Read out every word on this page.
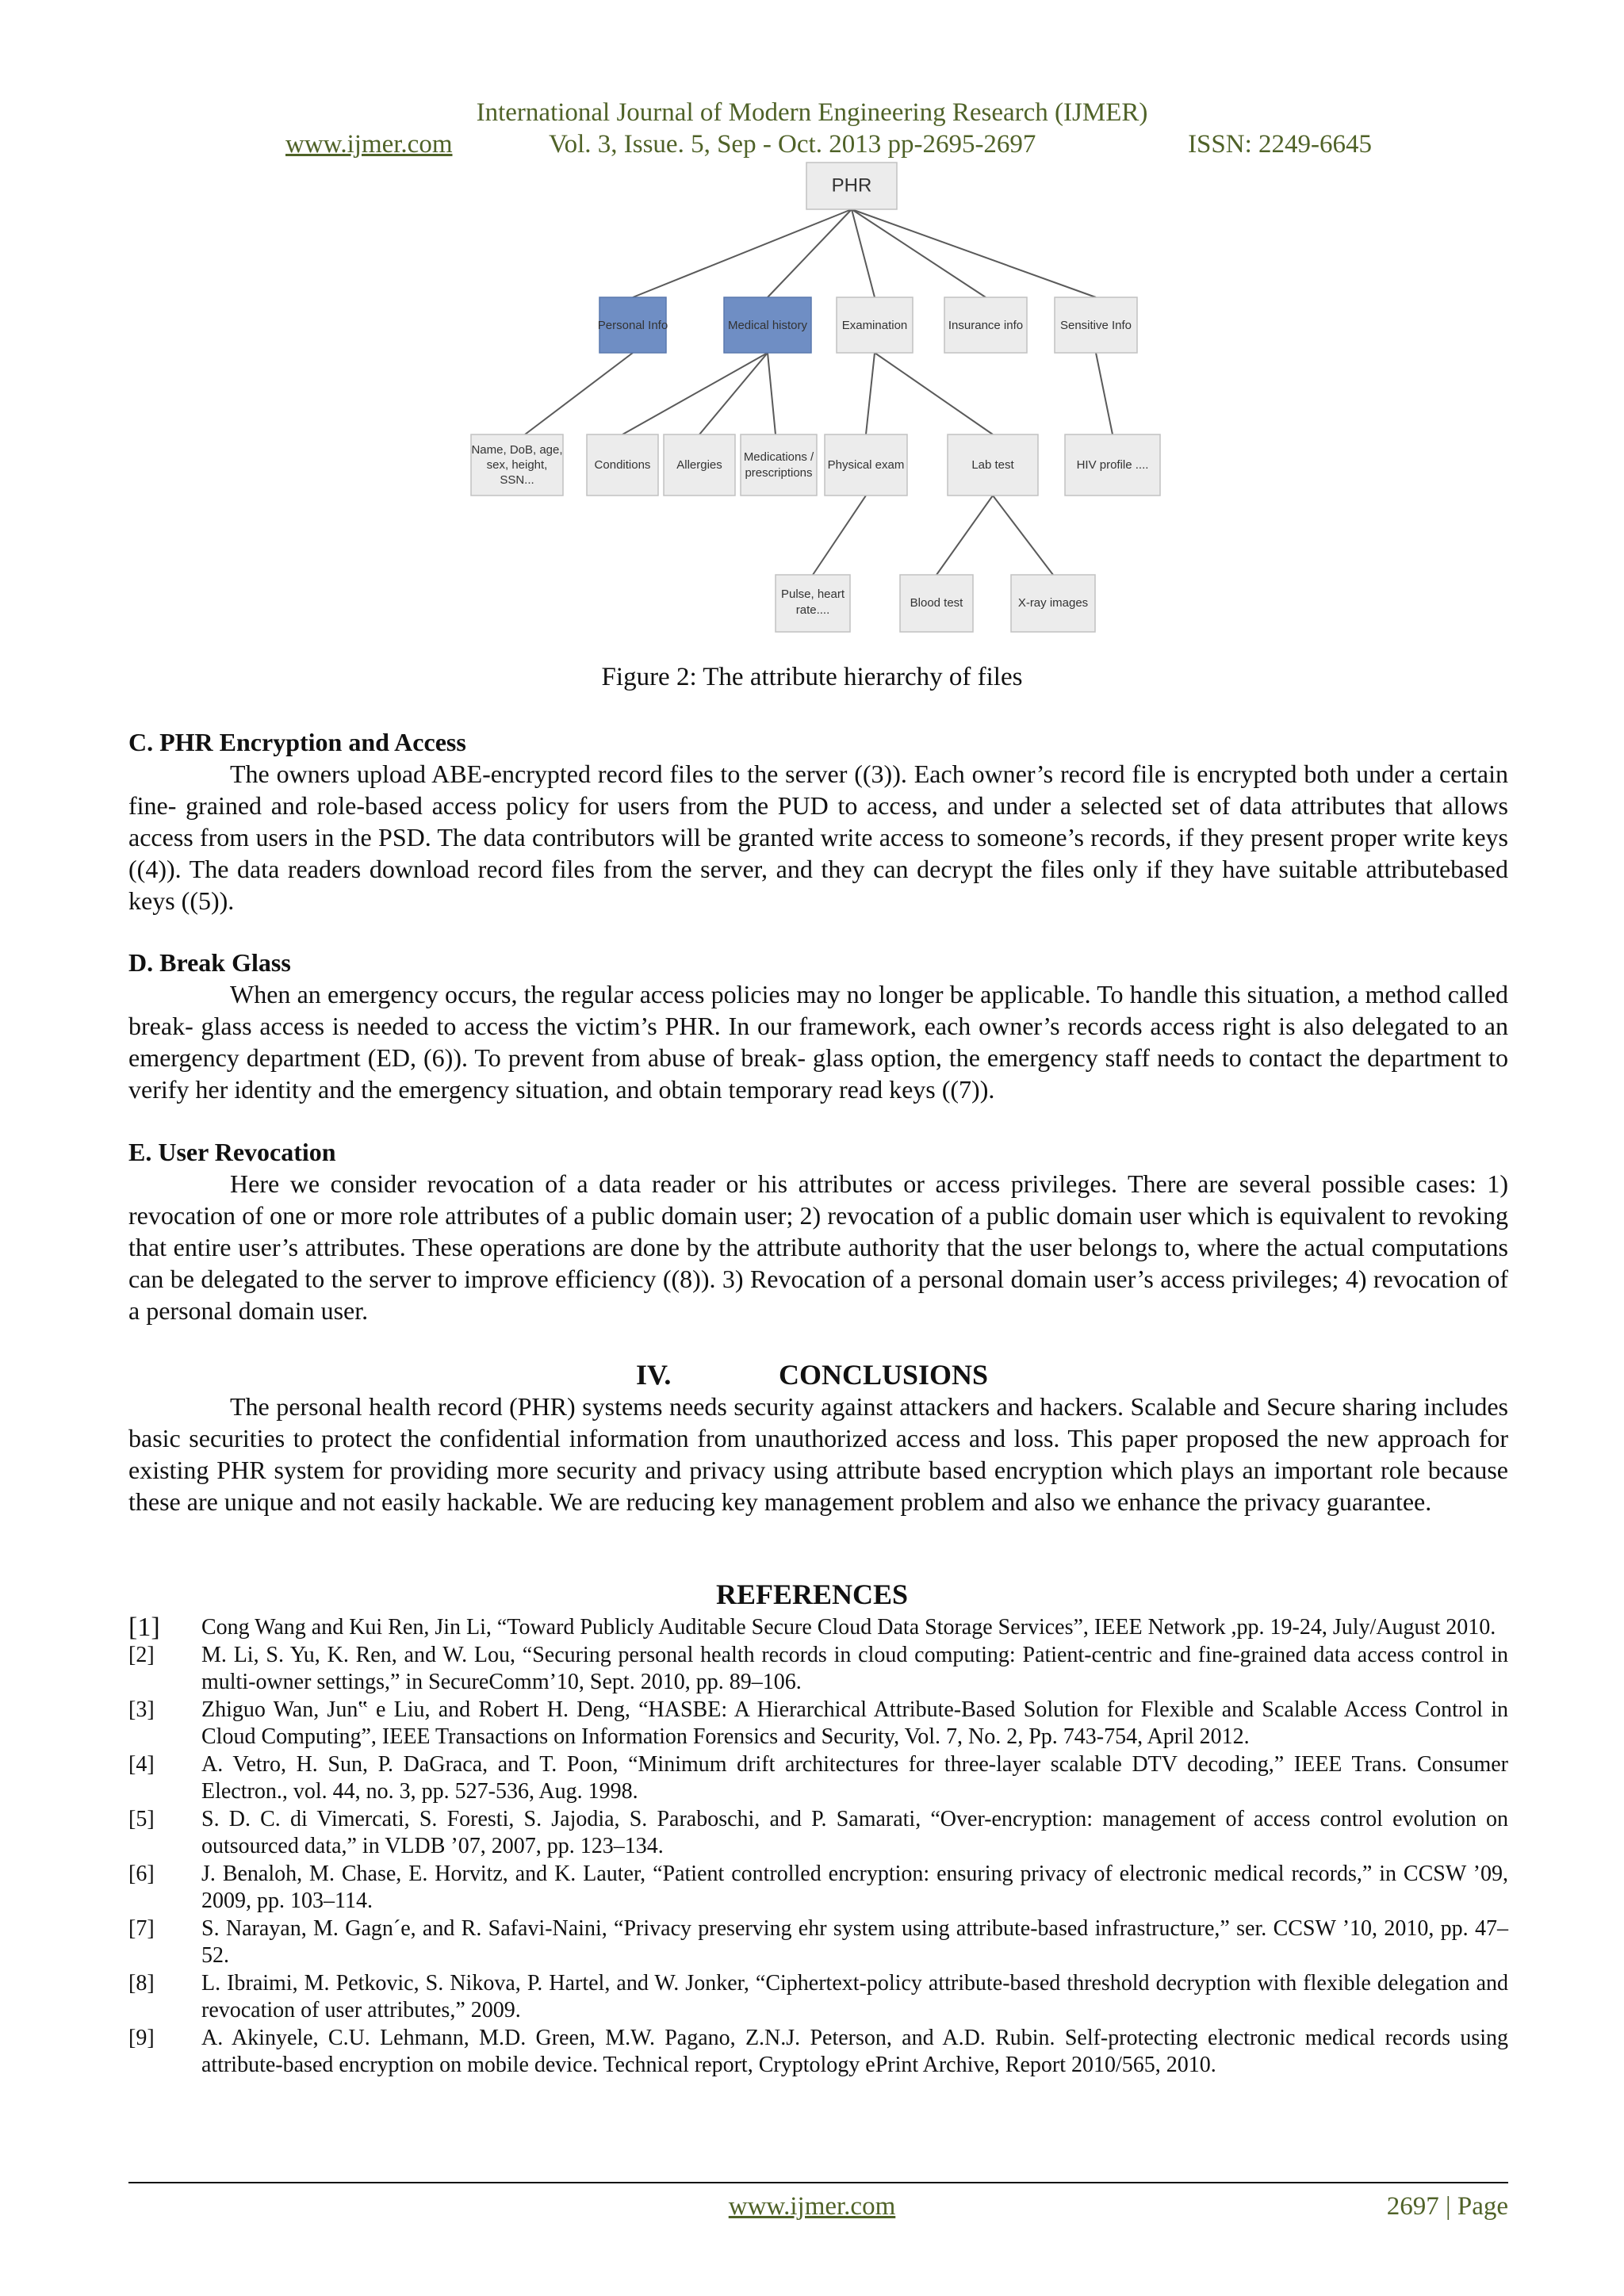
International Journal of Modern Engineering Research (IJMER)
www.ijmer.com	Vol. 3, Issue. 5, Sep - Oct. 2013 pp-2695-2697	ISSN: 2249-6645
PHR
Personal Info	Medical history	Examination	Insurance info	Sensitive Info
Name, DoB, age,
sex, height,
SSN...
Conditions Allergies
Medications /
prescriptions
Physical exam	Lab test	HIV profile ....
Pulse, heart
rate....
Blood test	X-ray images
Figure 2: The attribute hierarchy of files
C. PHR Encryption and Access

The owners upload ABE-encrypted record files to the server ((3)). Each owner’s record file is encrypted both under a certain fine- grained and role-based access policy for users from the PUD to access, and under a selected set of data attributes that allows access from users in the PSD. The data contributors will be granted write access to someone’s records, if they present proper write keys ((4)). The data readers download record files from the server, and they can decrypt the files only if they have suitable attributebased keys ((5)).

D. Break Glass

When an emergency occurs, the regular access policies may no longer be applicable. To handle this situation, a method called break- glass access is needed to access the victim’s PHR. In our framework, each owner’s records access right is also delegated to an emergency department (ED, (6)). To prevent from abuse of break- glass option, the emergency staff needs to contact the department to verify her identity and the emergency situation, and obtain temporary read keys ((7)).

E. User Revocation

Here we consider revocation of a data reader or his attributes or access privileges. There are several possible cases: 1) revocation of one or more role attributes of a public domain user; 2) revocation of a public domain user which is equivalent to revoking that entire user’s attributes. These operations are done by the attribute authority that the user belongs to, where the actual computations can be delegated to the server to improve efficiency ((8)). 3) Revocation of a personal domain user’s access privileges; 4) revocation of a personal domain user.

IV.	CONCLUSIONS

The personal health record (PHR) systems needs security against attackers and hackers. Scalable and Secure sharing includes basic securities to protect the confidential information from unauthorized access and loss. This paper proposed the new approach for existing PHR system for providing more security and privacy using attribute based encryption which plays an important role because these are unique and not easily hackable. We are reducing key management problem and also we enhance the privacy guarantee.

REFERENCES
[1]	Cong Wang and Kui Ren, Jin Li, “Toward Publicly Auditable Secure Cloud Data Storage Services”, IEEE Network ,pp. 19-24, July/August 2010.
[2]	M. Li, S. Yu, K. Ren, and W. Lou, “Securing personal health records in cloud computing: Patient-centric and fine-grained data access control in multi-owner settings,” in SecureComm’10, Sept. 2010, pp. 89–106.
[3]	Zhiguo Wan, Jun‟ e Liu, and Robert H. Deng, “HASBE: A Hierarchical Attribute-Based Solution for Flexible and Scalable Access Control in Cloud Computing”, IEEE Transactions on Information Forensics and Security, Vol. 7, No. 2, Pp. 743-754, April 2012.
[4]	A. Vetro, H. Sun, P. DaGraca, and T. Poon, “Minimum drift architectures for three-layer scalable DTV decoding,” IEEE Trans. Consumer Electron., vol. 44, no. 3, pp. 527-536, Aug. 1998.
[5]	S. D. C. di Vimercati, S. Foresti, S. Jajodia, S. Paraboschi, and P. Samarati, “Over-encryption: management of access control evolution on outsourced data,” in VLDB ’07, 2007, pp. 123–134.
[6]	J. Benaloh, M. Chase, E. Horvitz, and K. Lauter, “Patient controlled encryption: ensuring privacy of electronic medical records,” in CCSW ’09, 2009, pp. 103–114.
[7]	S. Narayan, M. Gagn´e, and R. Safavi-Naini, “Privacy preserving ehr system using attribute-based infrastructure,” ser. CCSW ’10, 2010, pp. 47–52.
[8]	L. Ibraimi, M. Petkovic, S. Nikova, P. Hartel, and W. Jonker, “Ciphertext-policy attribute-based threshold decryption with flexible delegation and revocation of user attributes,” 2009.
[9]	A. Akinyele, C.U. Lehmann, M.D. Green, M.W. Pagano, Z.N.J. Peterson, and A.D. Rubin. Self-protecting electronic medical records using attribute-based encryption on mobile device. Technical report, Cryptology ePrint Archive, Report 2010/565, 2010.
www.ijmer.com	2697 | Page
